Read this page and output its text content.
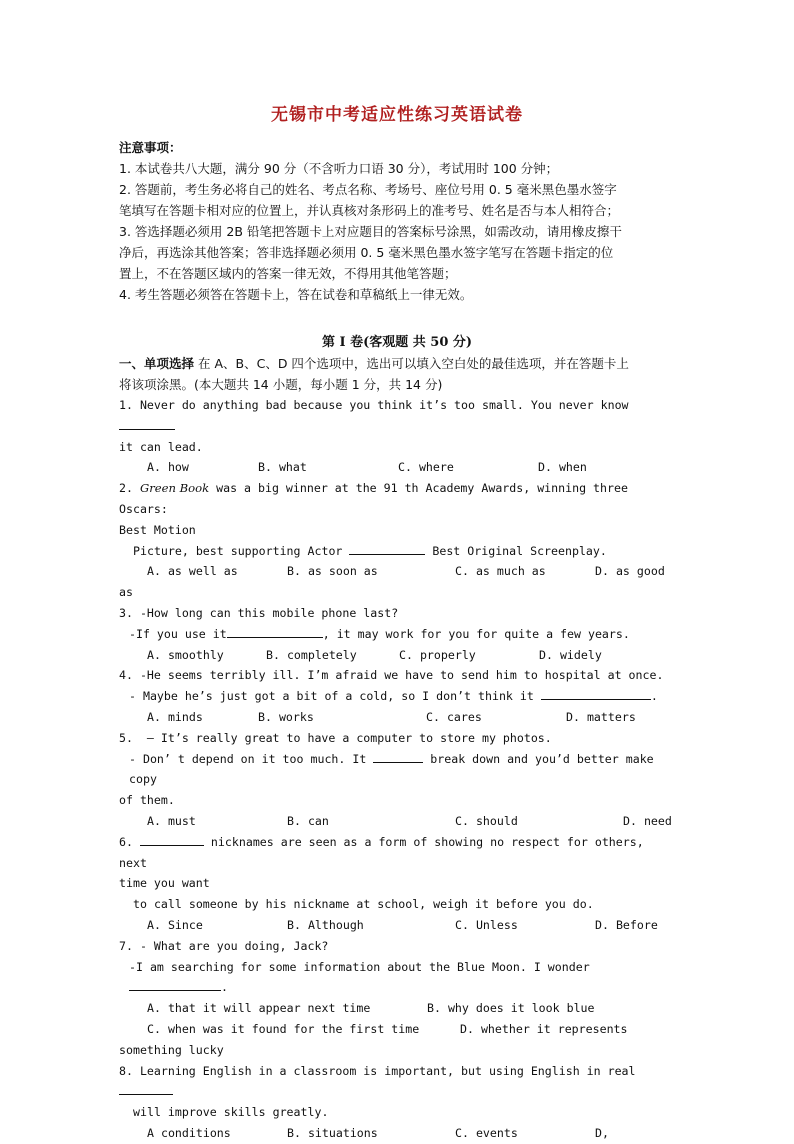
无锡市中考适应性练习英语试卷

注意事项：

1. 本试卷共八大题，满分 90 分（不含听力口语 30 分），考试用时 100 分钟；

2. 答题前，考生务必将自己的姓名、考点名称、考场号、座位号用 0. 5 毫米黑色墨水签字

笔填写在答题卡相对应的位置上，并认真核对条形码上的准考号、姓名是否与本人相符合；

3. 答选择题必须用 2B 铅笔把答题卡上对应题目的答案标号涂黑，如需改动，请用橡皮擦干

净后，再选涂其他答案；答非选择题必须用 0. 5 毫米黑色墨水签字笔写在答题卡指定的位

置上，不在答题区域内的答案一律无效，不得用其他笔答题；

4. 考生答题必须答在答题卡上，答在试卷和草稿纸上一律无效。

第 I 卷(客观题 共 50 分)

一、单项选择 在 A、B、C、D 四个选项中，选出可以填入空白处的最佳选项，并在答题卡上

将该项涂黑。(本大题共 14 小题，每小题 1 分，共 14 分)

1. Never do anything bad because you think it’s too small. You never know

it can lead.

A. how	B. what	C. where	D. when

2. Green Book was a big winner at the 91 th Academy Awards, winning three Oscars:

Best Motion

Picture, best supporting Actor	Best Original Screenplay.

A. as well as	B. as soon as	C. as much as	D. as good

as

3. -How long can this mobile phone last?

-If you use it	, it may work for you for quite a few years.

A. smoothly	B. completely	C. properly	D. widely

4. -He seems terribly ill. I’m afraid we have to send him to hospital at once.

- Maybe he’s just got a bit of a cold, so I don’t think it	.

A. minds	B. works	C. cares	D. matters

5.  – It’s really great to have a computer to store my photos.

- Don’ t depend on it too much. It	break down and you’d better make copy

of them.

A. must	B. can	C. should	D. need

6.	nicknames are seen as a form of showing no respect for others, next

time you want

to call someone by his nickname at school, weigh it before you do.

A. Since	B. Although	C. Unless	D. Before

7. - What are you doing, Jack?

-I am searching for some information about the Blue Moon. I wonder .

A. that it will appear next time	B. why does it look blue
C. when was it found for the first time	D. whether it represents

something lucky

8. Learning English in a classroom is important, but using English in real

will improve skills greatly.

A conditions	B. situations	C. events	D,
